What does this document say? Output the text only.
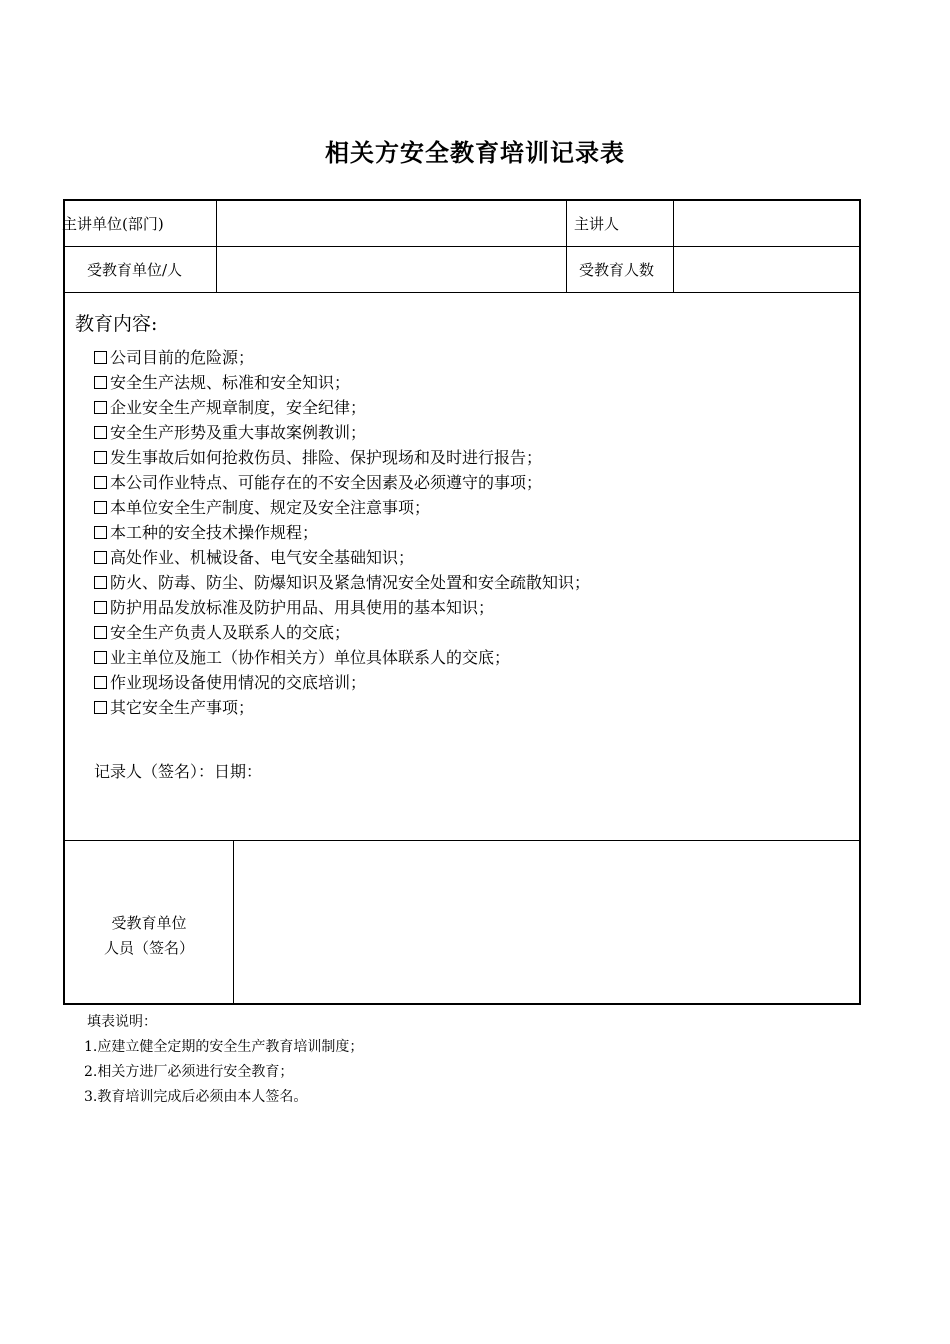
相关方安全教育培训记录表
主讲单位(部门)	主讲人
受教育单位/人	受教育人数
教育内容:
公司目前的危险源；
安全生产法规、标准和安全知识；
企业安全生产规章制度，安全纪律；
安全生产形势及重大事故案例教训；
发生事故后如何抢救伤员、排险、保护现场和及时进行报告；
本公司作业特点、可能存在的不安全因素及必须遵守的事项；
本单位安全生产制度、规定及安全注意事项；
本工种的安全技术操作规程；
高处作业、机械设备、电气安全基础知识；
防火、防毒、防尘、防爆知识及紧急情况安全处置和安全疏散知识；
防护用品发放标准及防护用品、用具使用的基本知识；
安全生产负责人及联系人的交底；
业主单位及施工（协作相关方）单位具体联系人的交底；
作业现场设备使用情况的交底培训；
其它安全生产事项；
记录人（签名）：日期：
受教育单位
人员（签名）
填表说明：
1.应建立健全定期的安全生产教育培训制度；
2.相关方进厂必须进行安全教育；
3.教育培训完成后必须由本人签名。
